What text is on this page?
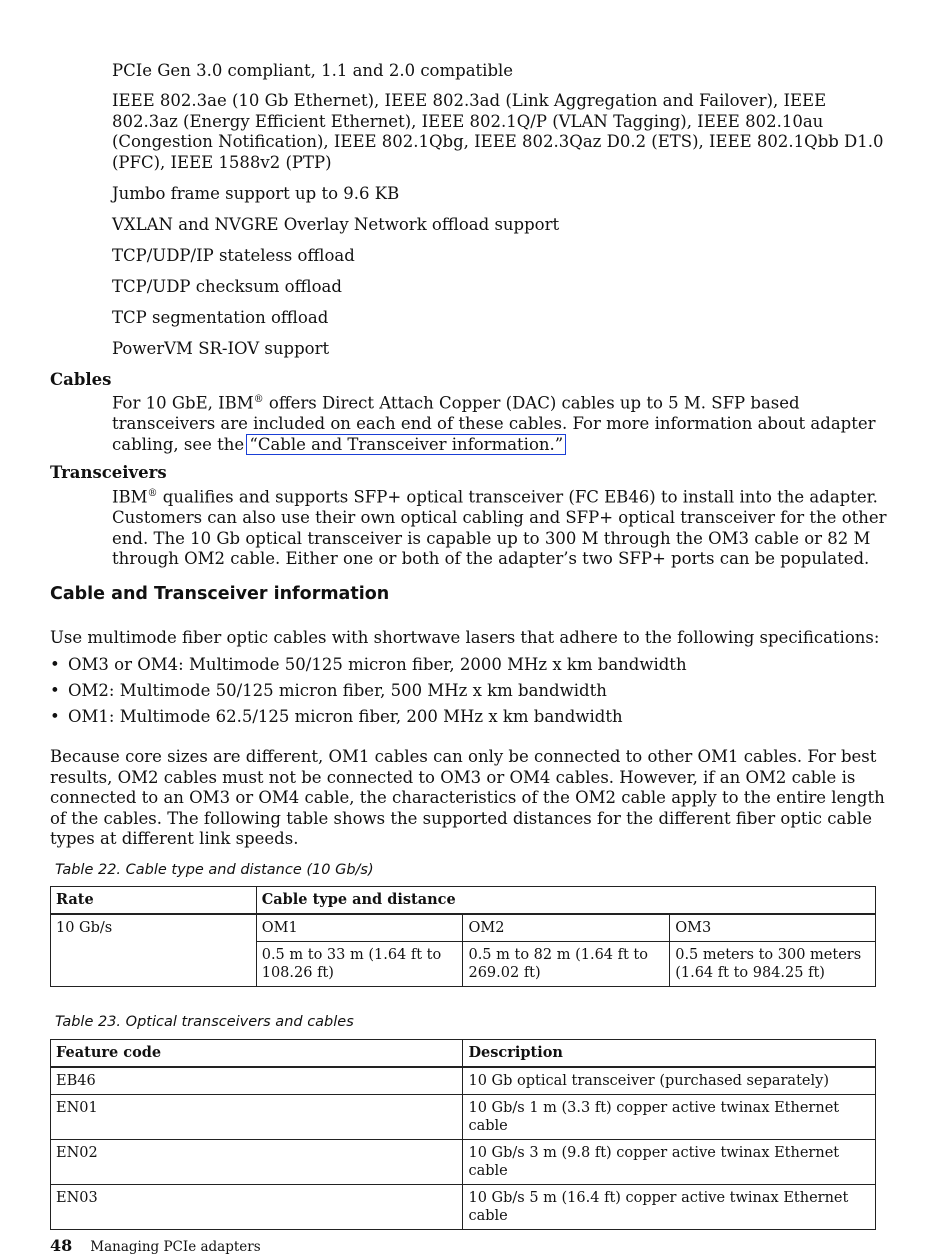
PCIe Gen 3.0 compliant, 1.1 and 2.0 compatible

IEEE 802.3ae (10 Gb Ethernet), IEEE 802.3ad (Link Aggregation and Failover), IEEE 802.3az (Energy Efficient Ethernet), IEEE 802.1Q/P (VLAN Tagging), IEEE 802.10au (Congestion Notification), IEEE 802.1Qbg, IEEE 802.3Qaz D0.2 (ETS), IEEE 802.1Qbb D1.0 (PFC), IEEE 1588v2 (PTP)

Jumbo frame support up to 9.6 KB

VXLAN and NVGRE Overlay Network offload support

TCP/UDP/IP stateless offload

TCP/UDP checksum offload

TCP segmentation offload

PowerVM SR-IOV support

Cables

For 10 GbE, IBM® offers Direct Attach Copper (DAC) cables up to 5 M. SFP based transceivers are included on each end of these cables. For more information about adapter cabling, see the “Cable and Transceiver information.”

Transceivers

IBM® qualifies and supports SFP+ optical transceiver (FC EB46) to install into the adapter. Customers can also use their own optical cabling and SFP+ optical transceiver for the other end. The 10 Gb optical transceiver is capable up to 300 M through the OM3 cable or 82 M through OM2 cable. Either one or both of the adapter’s two SFP+ ports can be populated.

Cable and Transceiver information

Use multimode fiber optic cables with shortwave lasers that adhere to the following specifications:

• OM3 or OM4: Multimode 50/125 micron fiber, 2000 MHz x km bandwidth
• OM2: Multimode 50/125 micron fiber, 500 MHz x km bandwidth
• OM1: Multimode 62.5/125 micron fiber, 200 MHz x km bandwidth

Because core sizes are different, OM1 cables can only be connected to other OM1 cables. For best results, OM2 cables must not be connected to OM3 or OM4 cables. However, if an OM2 cable is connected to an OM3 or OM4 cable, the characteristics of the OM2 cable apply to the entire length of the cables. The following table shows the supported distances for the different fiber optic cable types at different link speeds.

Table 22. Cable type and distance (10 Gb/s)
Rate	Cable type and distance		
10 Gb/s	OM1	OM2	OM3
	0.5 m to 33 m (1.64 ft to 108.26 ft)	0.5 m to 82 m (1.64 ft to 269.02 ft)	0.5 meters to 300 meters (1.64 ft to 984.25 ft)
Table 23. Optical transceivers and cables
Feature code	Description
EB46	10 Gb optical transceiver (purchased separately)
EN01	10 Gb/s 1 m (3.3 ft) copper active twinax Ethernet cable
EN02	10 Gb/s 3 m (9.8 ft) copper active twinax Ethernet cable
EN03	10 Gb/s 5 m (16.4 ft) copper active twinax Ethernet cable
48 Managing PCIe adapters
